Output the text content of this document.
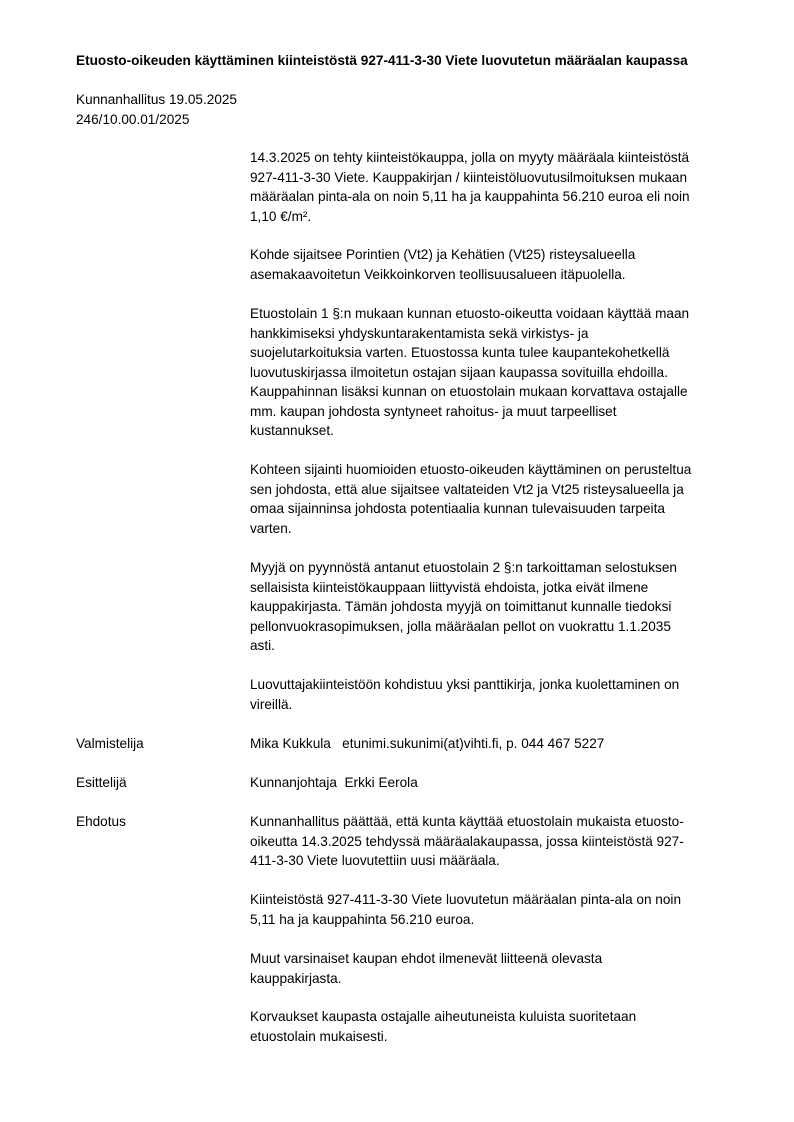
Etuosto-oikeuden käyttäminen kiinteistöstä 927-411-3-30 Viete luovutetun määräalan kaupassa
Kunnanhallitus 19.05.2025
246/10.00.01/2025
14.3.2025 on tehty kiinteistökauppa, jolla on myyty määräala kiinteistöstä
927-411-3-30 Viete. Kauppakirjan / kiinteistöluovutusilmoituksen mukaan
määräalan pinta-ala on noin 5,11 ha ja kauppahinta 56.210 euroa eli noin
1,10 €/m².
Kohde sijaitsee Porintien (Vt2) ja Kehätien (Vt25) risteysalueella
asemakaavoitetun Veikkoinkorven teollisuusalueen itäpuolella.
Etuostolain 1 §:n mukaan kunnan etuosto-oikeutta voidaan käyttää maan
hankkimiseksi yhdyskuntarakentamista sekä virkistys- ja
suojelutarkoituksia varten. Etuostossa kunta tulee kaupantekohetkellä
luovutuskirjassa ilmoitetun ostajan sijaan kaupassa sovituilla ehdoilla.
Kauppahinnan lisäksi kunnan on etuostolain mukaan korvattava ostajalle
mm. kaupan johdosta syntyneet rahoitus- ja muut tarpeelliset
kustannukset.
Kohteen sijainti huomioiden etuosto-oikeuden käyttäminen on perusteltua
sen johdosta, että alue sijaitsee valtateiden Vt2 ja Vt25 risteysalueella ja
omaa sijainninsa johdosta potentiaalia kunnan tulevaisuuden tarpeita
varten.
Myyjä on pyynnöstä antanut etuostolain 2 §:n tarkoittaman selostuksen
sellaisista kiinteistökauppaan liittyvistä ehdoista, jotka eivät ilmene
kauppakirjasta. Tämän johdosta myyjä on toimittanut kunnalle tiedoksi
pellonvuokrasopimuksen, jolla määräalan pellot on vuokrattu 1.1.2035
asti.
Luovuttajakiinteistöön kohdistuu yksi panttikirja, jonka kuolettaminen on
vireillä.
Valmistelija	Mika Kukkula   etunimi.sukunimi(at)vihti.fi, p. 044 467 5227
Esittelijä	Kunnanjohtaja  Erkki Eerola
Ehdotus	Kunnanhallitus päättää, että kunta käyttää etuostolain mukaista etuosto-
oikeutta 14.3.2025 tehdyssä määräalakaupassa, jossa kiinteistöstä 927-
411-3-30 Viete luovutettiin uusi määräala.
Kiinteistöstä 927-411-3-30 Viete luovutetun määräalan pinta-ala on noin
5,11 ha ja kauppahinta 56.210 euroa.
Muut varsinaiset kaupan ehdot ilmenevät liitteenä olevasta
kauppakirjasta.
Korvaukset kaupasta ostajalle aiheutuneista kuluista suoritetaan
etuostolain mukaisesti.
